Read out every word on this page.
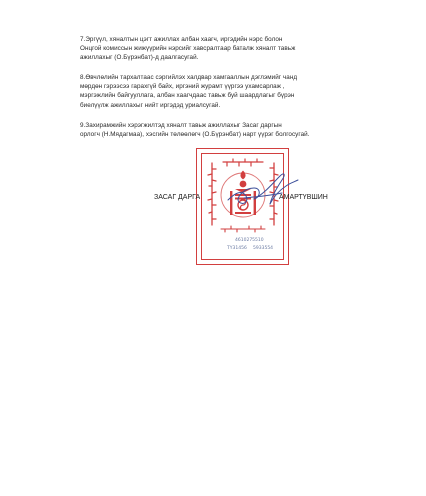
7.Эргүүл, хяналтын цэгт ажиллах албан хаагч, иргэдийн нэрс болон
Онцгой комиссын жижүүрийн нэрсийг хавсралтаар баталж хяналт тавьж
ажиллахыг (О.Бүрэнбат)-д даалгасугай.
8.Өвчлөлийн тархалтаас сэргийлэх халдвар хамгааллын дэглэмийг чанд
мөрдөн гэрээсээ гарахгүй байх, иргэний журамт үүргээ ухамсарлаж ,
мэргэжлийн байгууллага, албан хаагчдаас тавьж буй шаардлагыг бүрэн
биелүүлж ажиллахыг нийт иргэдэд уриалсугай.
9.Захирамжийн хэрэгжилтэд хяналт тавьж ажиллахыг Засаг даргын
орлогч (Н.Мядагмаа), хэсгийн төлөөлөгч (О.Бүрэнбат) нарт үүрэг болгосугай.
4610275510
ТҮ31456 5933554
ЗАСАГ ДАРГА	АМАРТҮВШИН
